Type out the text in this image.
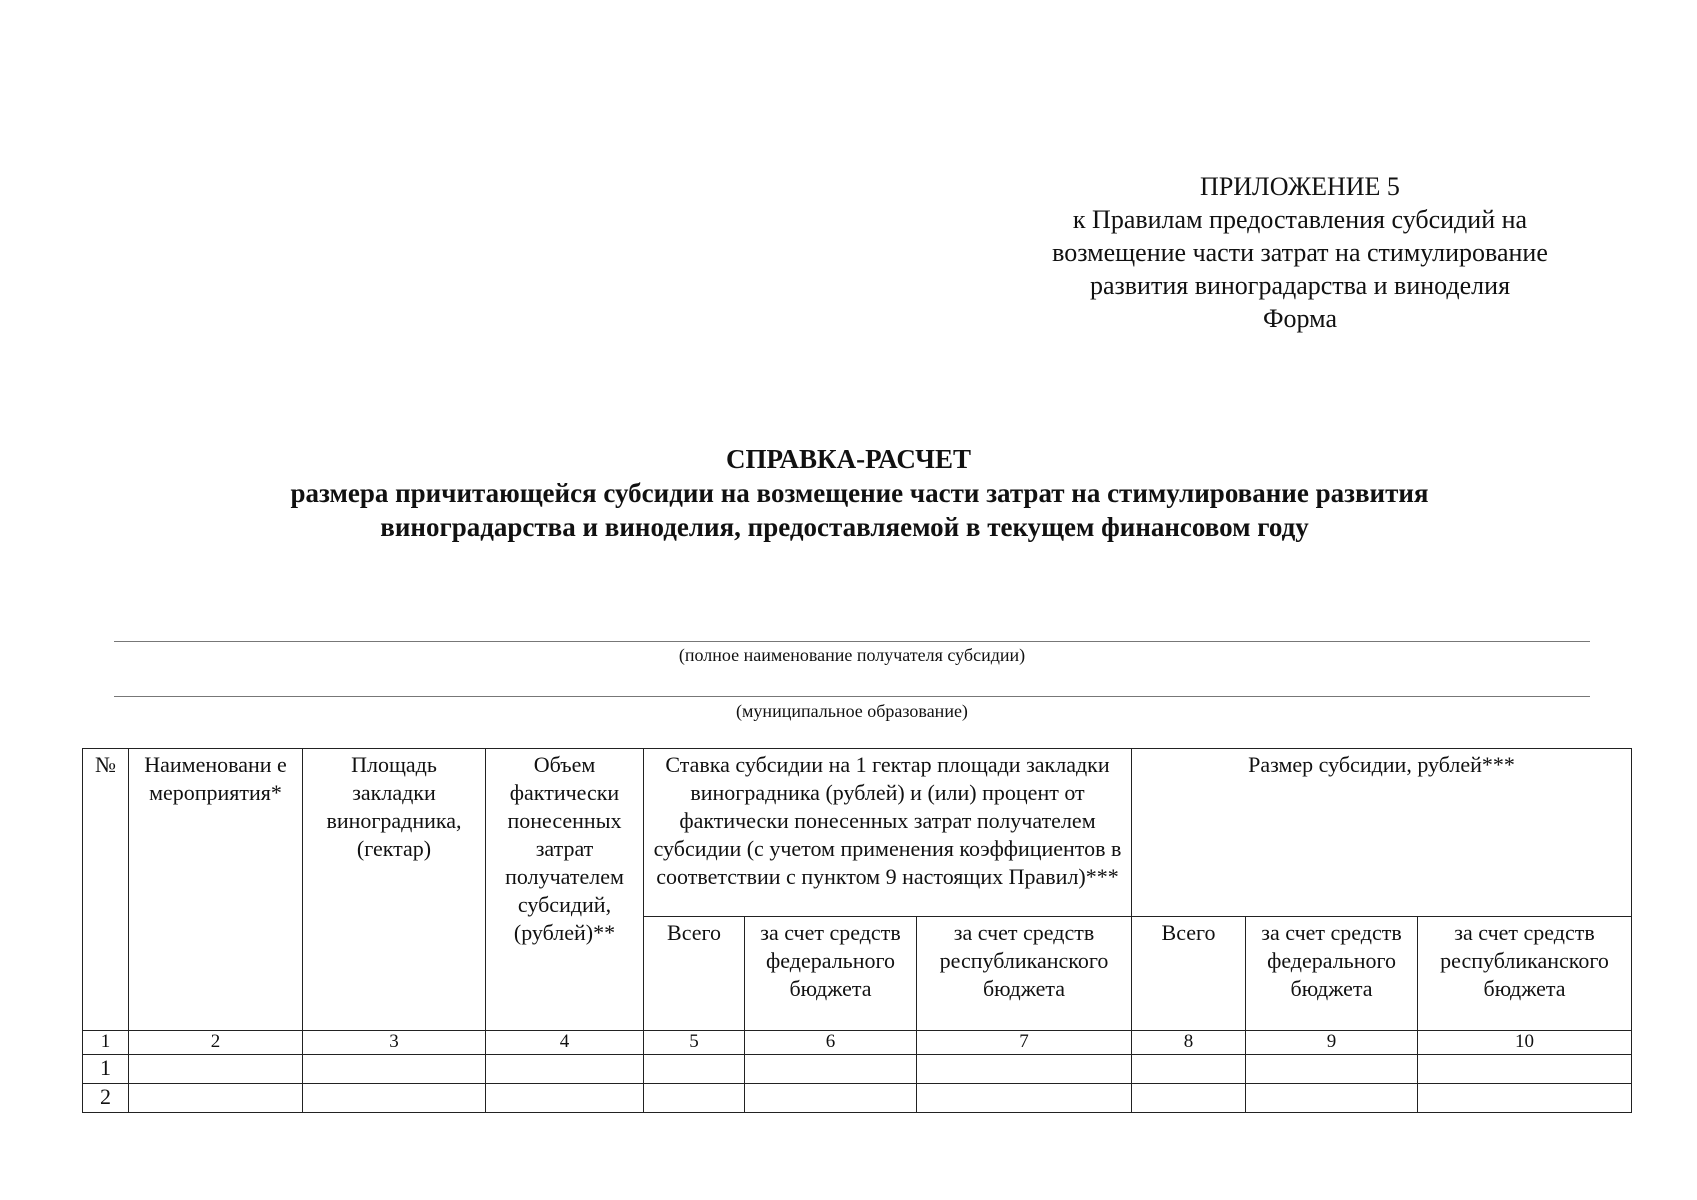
ПРИЛОЖЕНИЕ 5
к Правилам предоставления субсидий на
возмещение части затрат на стимулирование
развития виноградарства и виноделия
Форма
СПРАВКА-РАСЧЕТ
размера причитающейся субсидии на возмещение части затрат на стимулирование развития
виноградарства и виноделия, предоставляемой в текущем финансовом году
(полное наименование получателя субсидии)
(муниципальное образование)
№	Наименовани е мероприятия*	Площадь закладки виноградника, (гектар)	Объем фактически понесенных затрат получателем субсидий, (рублей)**	Ставка субсидии на 1 гектар площади закладки виноградника (рублей) и (или) процент от фактически понесенных затрат получателем субсидии (с учетом применения коэффициентов в соответствии с пунктом 9 настоящих Правил)***			Размер субсидии, рублей***		
				Всего	за счет средств федерального бюджета	за счет средств республиканского бюджета	Всего	за счет средств федерального бюджета	за счет средств республиканского бюджета
1	2	3	4	5	6	7	8	9	10
1									
2									
